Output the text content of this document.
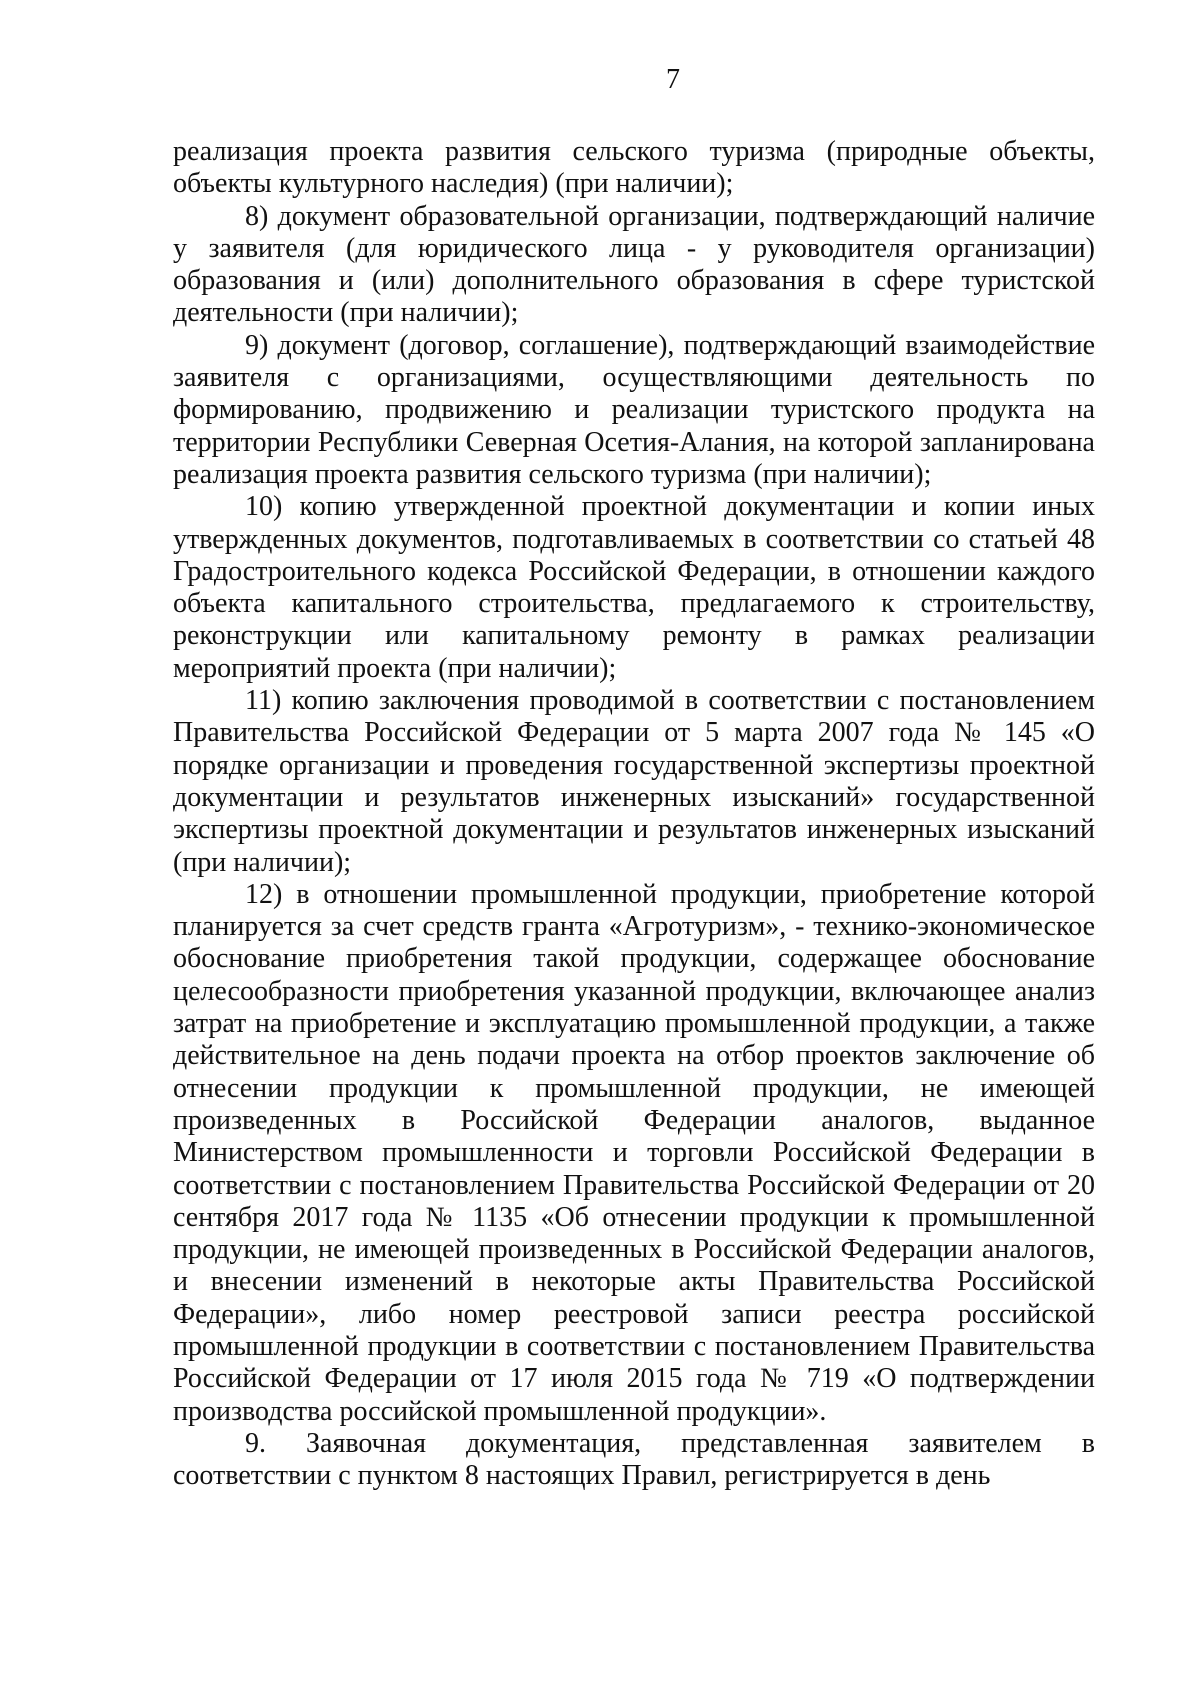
7

реализация проекта развития сельского туризма (природные объекты, объекты культурного наследия) (при наличии);

8) документ образовательной организации, подтверждающий наличие у заявителя (для юридического лица - у руководителя организации) образования и (или) дополнительного образования в сфере туристской деятельности (при наличии);

9) документ (договор, соглашение), подтверждающий взаимодействие заявителя с организациями, осуществляющими деятельность по формированию, продвижению и реализации туристского продукта на территории Республики Северная Осетия-Алания, на которой запланирована реализация проекта развития сельского туризма (при наличии);

10) копию утвержденной проектной документации и копии иных утвержденных документов, подготавливаемых в соответствии со статьей 48 Градостроительного кодекса Российской Федерации, в отношении каждого объекта капитального строительства, предлагаемого к строительству, реконструкции или капитальному ремонту в рамках реализации мероприятий проекта (при наличии);

11) копию заключения проводимой в соответствии с постановлением Правительства Российской Федерации от 5 марта 2007 года № 145 «О порядке организации и проведения государственной экспертизы проектной документации и результатов инженерных изысканий» государственной экспертизы проектной документации и результатов инженерных изысканий (при наличии);

12) в отношении промышленной продукции, приобретение которой планируется за счет средств гранта «Агротуризм», - технико-экономическое обоснование приобретения такой продукции, содержащее обоснование целесообразности приобретения указанной продукции, включающее анализ затрат на приобретение и эксплуатацию промышленной продукции, а также действительное на день подачи проекта на отбор проектов заключение об отнесении продукции к промышленной продукции, не имеющей произведенных в Российской Федерации аналогов, выданное Министерством промышленности и торговли Российской Федерации в соответствии с постановлением Правительства Российской Федерации от 20 сентября 2017 года № 1135 «Об отнесении продукции к промышленной продукции, не имеющей произведенных в Российской Федерации аналогов, и внесении изменений в некоторые акты Правительства Российской Федерации», либо номер реестровой записи реестра российской промышленной продукции в соответствии с постановлением Правительства Российской Федерации от 17 июля 2015 года № 719 «О подтверждении производства российской промышленной продукции».

9. Заявочная документация, представленная заявителем в соответствии с пунктом 8 настоящих Правил, регистрируется в день
